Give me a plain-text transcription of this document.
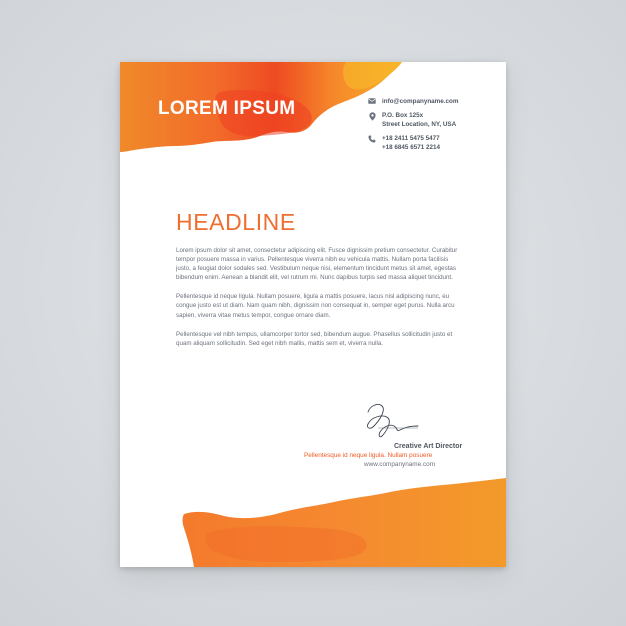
LOREM IPSUM	info@companyname.com
P.O. Box 125x
Street Location, NY, USA
+18 2411 5475 5477
+18 6845 6571 2214
HEADLINE

Lorem ipsum dolor sit amet, consectetur adipiscing elit. Fusce dignissim pretium consectetur. Curabitur tempor posuere massa in varius. Pellentesque viverra nibh eu vehicula mattis. Nullam porta facilisis justo, a feugiat dolor sodales sed. Vestibulum neque nisi, elementum tincidunt metus sit amet, egestas bibendum enim. Aenean a blandit elit, vel rutrum mi. Nunc dapibus turpis sed massa aliquet tincidunt.

Pellentesque id neque ligula. Nullam posuere, ligula a mattis posuere, lacus nisl adipiscing nunc, eu congue justo est ut diam. Nam quam nibh, dignissim non consequat in, semper eget purus. Nulla arcu sapien, viverra vitae metus tempor, congue ornare diam.

Pellentesque vel nibh tempus, ullamcorper tortor sed, bibendum augue. Phasellus sollicitudin justo et quam aliquam sollicitudin. Sed eget nibh mallis, mattis sem et, viverra nulla.

Creative Art Director
Pellentesque id neque ligula. Nullam posuere
www.companyname.com
